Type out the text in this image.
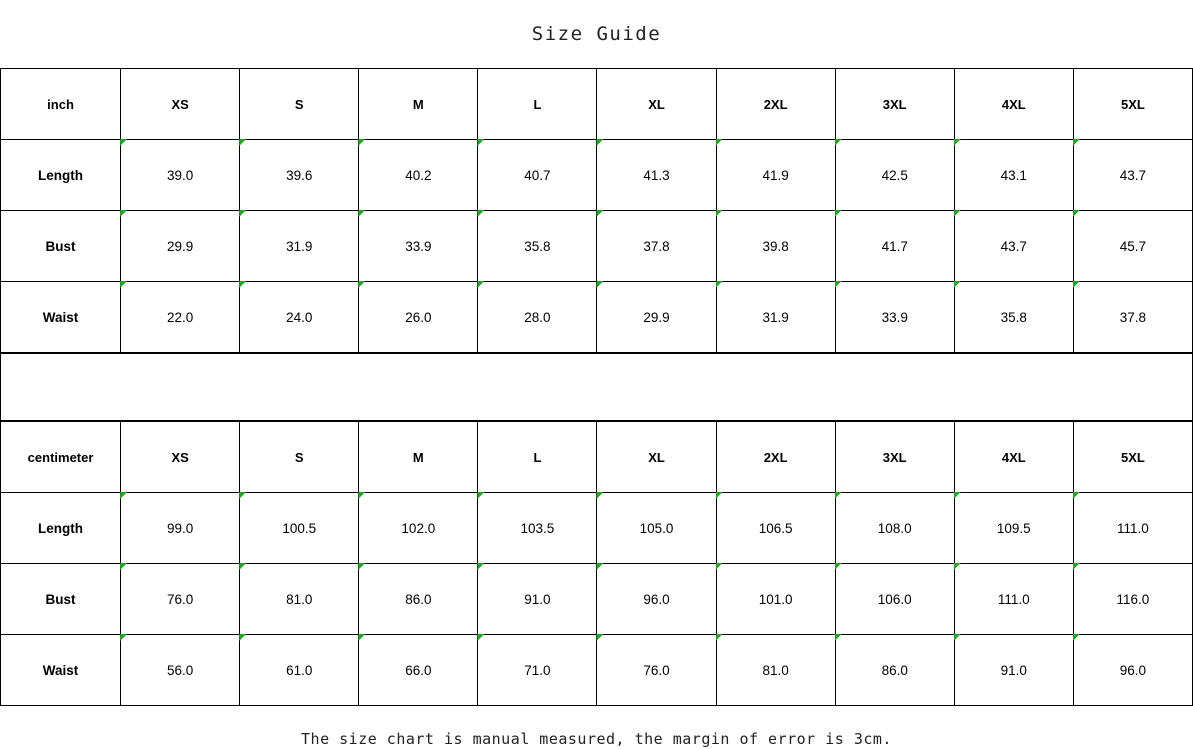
Size Guide
inch	XS	S	M	L	XL	2XL	3XL	4XL	5XL
Length	39.0	39.6	40.2	40.7	41.3	41.9	42.5	43.1	43.7

Bust	29.9	31.9	33.9	35.8	37.8	39.8	41.7	43.7	45.7

Waist	22.0	24.0	26.0	28.0	29.9	31.9	33.9	35.8	37.8
centimeter	XS	S	M	L	XL	2XL	3XL	4XL	5XL
Length	99.0	100.5	102.0	103.5	105.0	106.5	108.0	109.5	111.0

Bust	76.0	81.0	86.0	91.0	96.0	101.0	106.0	111.0	116.0

Waist	56.0	61.0	66.0	71.0	76.0	81.0	86.0	91.0	96.0
The size chart is manual measured, the margin of error is 3cm.
